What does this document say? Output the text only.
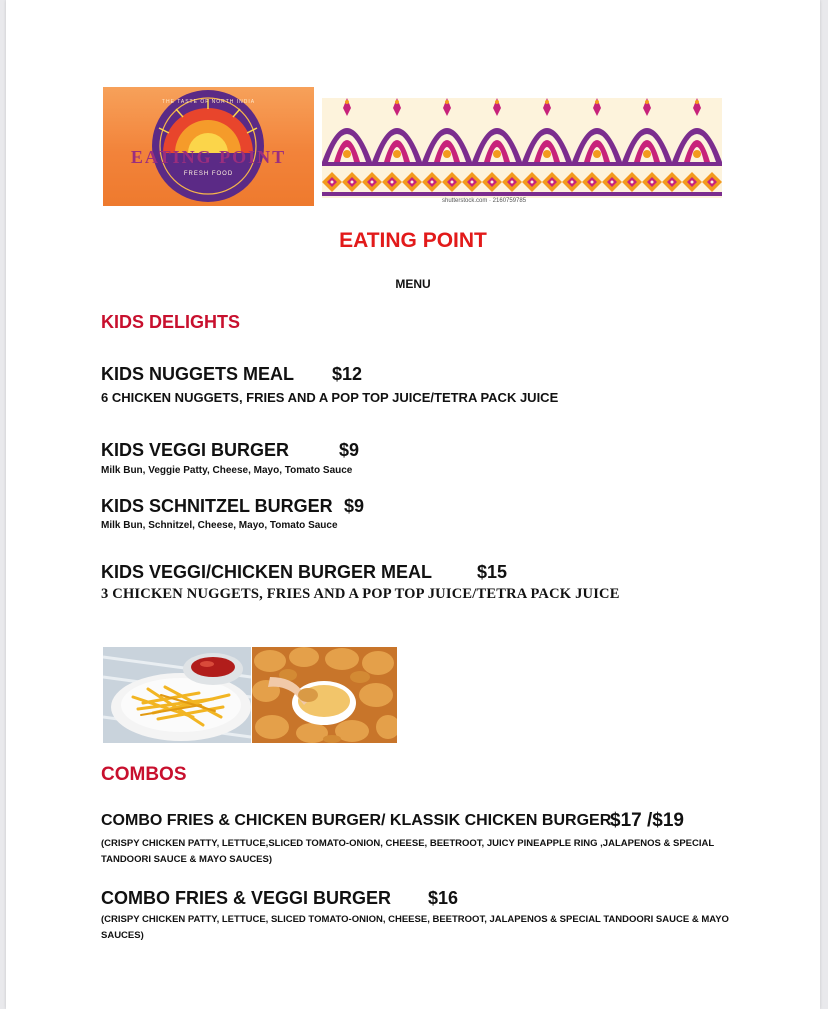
THE TASTE OF NORTH INDIA
EATING POINT
FRESH FOOD
shutterstock.com · 2160759785
EATING POINT
MENU
KIDS DELIGHTS
KIDS NUGGETS MEAL $12
6 CHICKEN NUGGETS, FRIES AND A POP TOP JUICE/TETRA PACK JUICE
KIDS VEGGI BURGER	$9
Milk Bun, Veggie Patty, Cheese, Mayo, Tomato Sauce
KIDS SCHNITZEL BURGER $9
Milk Bun, Schnitzel, Cheese, Mayo, Tomato Sauce
KIDS VEGGI/CHICKEN BURGER MEAL $15
3 CHICKEN NUGGETS, FRIES AND A POP TOP JUICE/TETRA PACK JUICE
COMBOS
COMBO FRIES & CHICKEN BURGER/ KLASSIK CHICKEN BURGER
$17 /$19
(CRISPY CHICKEN PATTY, LETTUCE,SLICED TOMATO-ONION, CHEESE, BEETROOT, JUICY PINEAPPLE RING ,JALAPENOS & SPECIAL TANDOORI SAUCE & MAYO SAUCES)
COMBO FRIES & VEGGI BURGER $16
(CRISPY CHICKEN PATTY, LETTUCE, SLICED TOMATO-ONION, CHEESE, BEETROOT, JALAPENOS & SPECIAL TANDOORI SAUCE & MAYO SAUCES)
